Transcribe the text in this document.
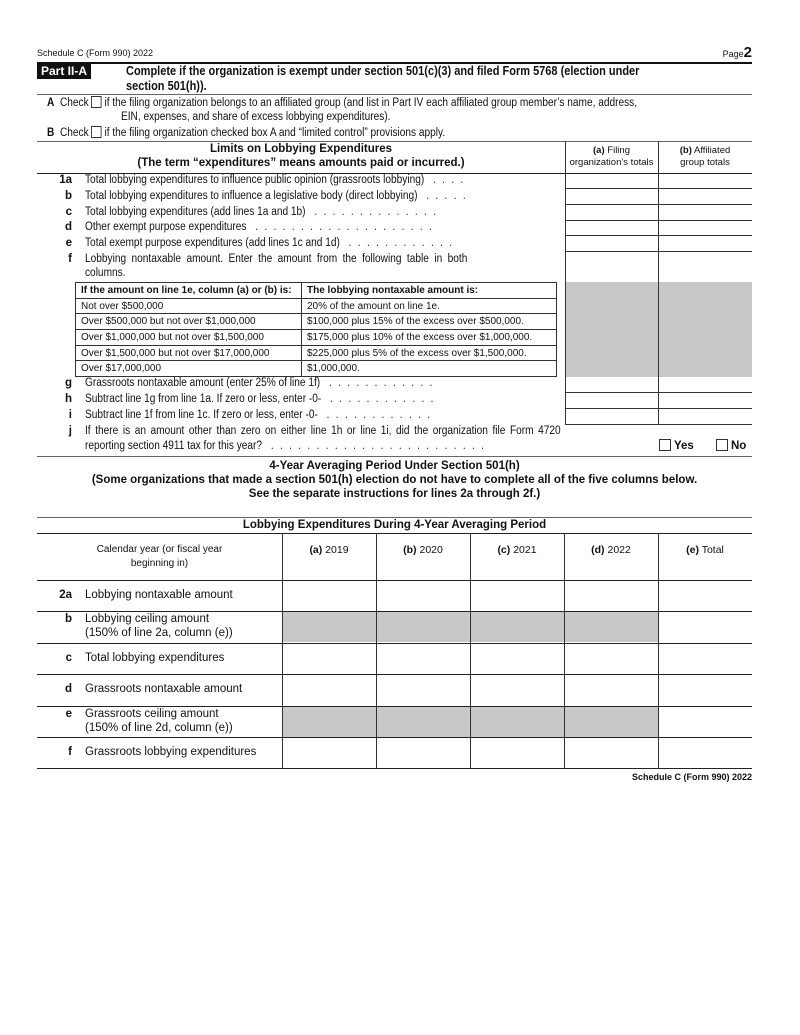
Schedule C (Form 990) 2022	Page2
Part II-A	Complete if the organization is exempt under section 501(c)(3) and filed Form 5768 (election under
section 501(h)).
A Check if the filing organization belongs to an affiliated group (and list in Part IV each affiliated group member’s name, address,
EIN, expenses, and share of excess lobbying expenditures).
B Check if the filing organization checked box A and “limited control” provisions apply.
Limits on Lobbying Expenditures
(The term “expenditures” means amounts paid or incurred.)
(a) Filing
organization’s totals
(b) Affiliated
group totals
If the amount on line 1e, column (a) or (b) is:	The lobbying nontaxable amount is:
Not over $500,000	20% of the amount on line 1e.
Over $500,000 but not over $1,000,000	$100,000 plus 15% of the excess over $500,000.
Over $1,000,000 but not over $1,500,000	$175,000 plus 10% of the excess over $1,000,000.
Over $1,500,000 but not over $17,000,000	$225,000 plus 5% of the excess over $1,500,000.
Over $17,000,000	$1,000,000.
j If there is an amount other than zero on either line 1h or line 1i, did the organization file Form 4720
reporting section 4911 tax for this year? . . . . . . . . . . . . . . . . . . . . . . . .	Yes	No
4-Year Averaging Period Under Section 501(h)
(Some organizations that made a section 501(h) election do not have to complete all of the five columns below.
See the separate instructions for lines 2a through 2f.)
Lobbying Expenditures During 4-Year Averaging Period
Calendar year (or fiscal year
beginning in)
Schedule C (Form 990) 2022
1a Total lobbying expenditures to influence public opinion (grassroots lobbying) . . . .
b Total lobbying expenditures to influence a legislative body (direct lobbying) . . . . .
c Total lobbying expenditures (add lines 1a and 1b) . . . . . . . . . . . . . .
d Other exempt purpose expenditures . . . . . . . . . . . . . . . . . . . .
e Total exempt purpose expenditures (add lines 1c and 1d) . . . . . . . . . . . .
f Lobbying nontaxable amount. Enter the amount from the following table in both
columns.
g Grassroots nontaxable amount (enter 25% of line 1f) . . . . . . . . . . . .
h Subtract line 1g from line 1a. If zero or less, enter -0- . . . . . . . . . . . .
i Subtract line 1f from line 1c. If zero or less, enter -0- . . . . . . . . . . . .
(a) 2019	(b) 2020	(c) 2021	(d) 2022	(e) Total
2a Lobbying nontaxable amount
b Lobbying ceiling amount
(150% of line 2a, column (e))
c Total lobbying expenditures
d Grassroots nontaxable amount
e Grassroots ceiling amount
(150% of line 2d, column (e))
f Grassroots lobbying expenditures
